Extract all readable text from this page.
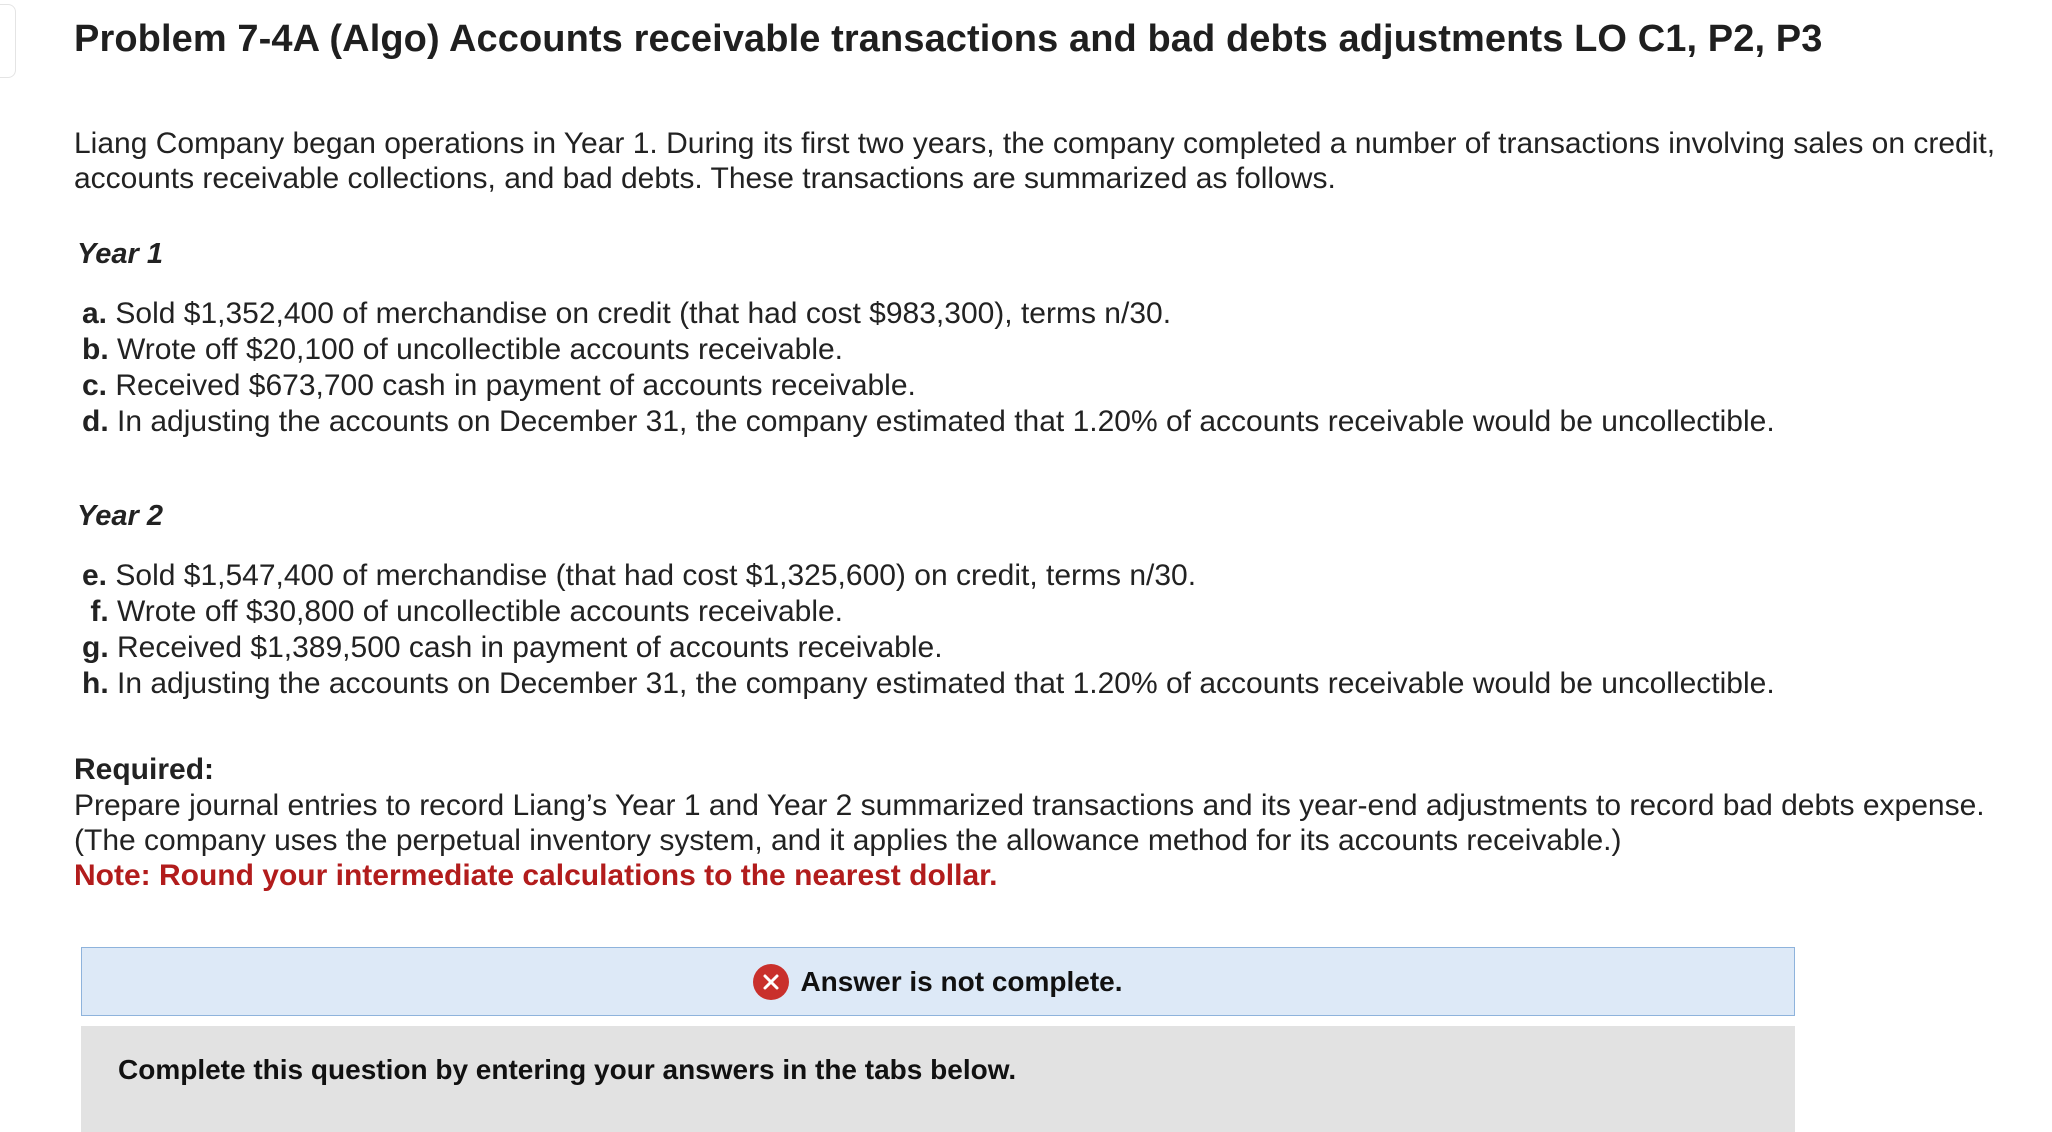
Problem 7-4A (Algo) Accounts receivable transactions and bad debts adjustments LO C1, P2, P3

Liang Company began operations in Year 1. During its first two years, the company completed a number of transactions involving sales on credit, accounts receivable collections, and bad debts. These transactions are summarized as follows.

Year 1
a. Sold $1,352,400 of merchandise on credit (that had cost $983,300), terms n/30.
b. Wrote off $20,100 of uncollectible accounts receivable.
c. Received $673,700 cash in payment of accounts receivable.
d. In adjusting the accounts on December 31, the company estimated that 1.20% of accounts receivable would be uncollectible.
Year 2
e. Sold $1,547,400 of merchandise (that had cost $1,325,600) on credit, terms n/30.
f. Wrote off $30,800 of uncollectible accounts receivable.
g. Received $1,389,500 cash in payment of accounts receivable.
h. In adjusting the accounts on December 31, the company estimated that 1.20% of accounts receivable would be uncollectible.
Required:
Prepare journal entries to record Liang’s Year 1 and Year 2 summarized transactions and its year-end adjustments to record bad debts expense. (The company uses the perpetual inventory system, and it applies the allowance method for its accounts receivable.)
Note: Round your intermediate calculations to the nearest dollar.
Answer is not complete.
Complete this question by entering your answers in the tabs below.
